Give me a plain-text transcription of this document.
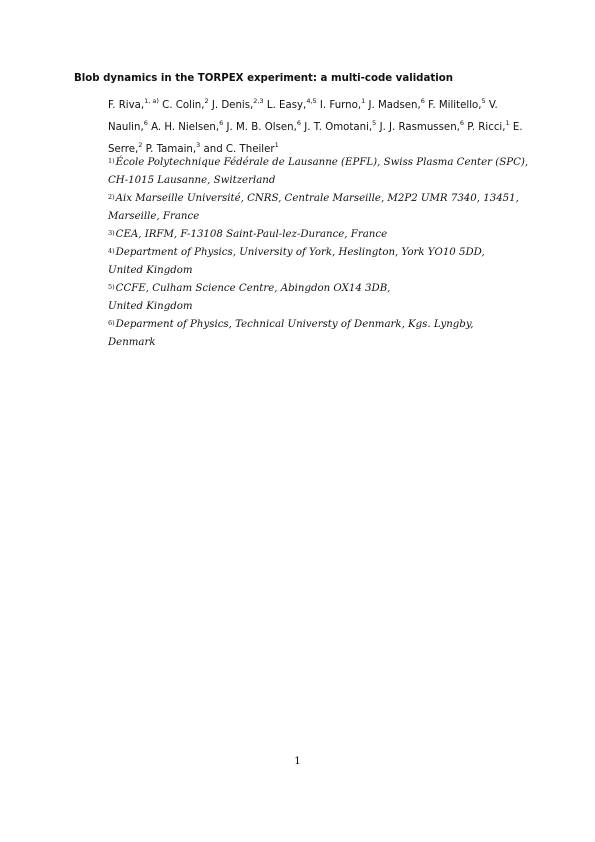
Blob dynamics in the TORPEX experiment: a multi-code validation
F. Riva,$^{1, a)}$ C. Colin,$^2$ J. Denis,$^{2,3}$ L. Easy,$^{4,5}$ I. Furno,$^1$ J. Madsen,$^6$ F. Militello,$^5$ V. Naulin,$^6$ A. H. Nielsen,$^6$ J. M. B. Olsen,$^6$ J. T. Omotani,$^5$ J. J. Rasmussen,$^6$ P. Ricci,$^1$ E. Serre,$^2$ P. Tamain,$^3$ and C. Theiler$^1$
$^{1)}$École Polytechnique Fédérale de Lausanne (EPFL), Swiss Plasma Center (SPC),
CH-1015 Lausanne, Switzerland
$^{2)}$Aix Marseille Université, CNRS, Centrale Marseille, M2P2 UMR 7340, 13451,
Marseille, France
$^{3)}$CEA, IRFM, F-13108 Saint-Paul-lez-Durance, France
$^{4)}$Department of Physics, University of York, Heslington, York YO10 5DD,
United Kingdom
$^{5)}$CCFE, Culham Science Centre, Abingdon OX14 3DB,
United Kingdom
$^{6)}$Deparment of Physics, Technical Universty of Denmark, Kgs. Lyngby,
Denmark
1
